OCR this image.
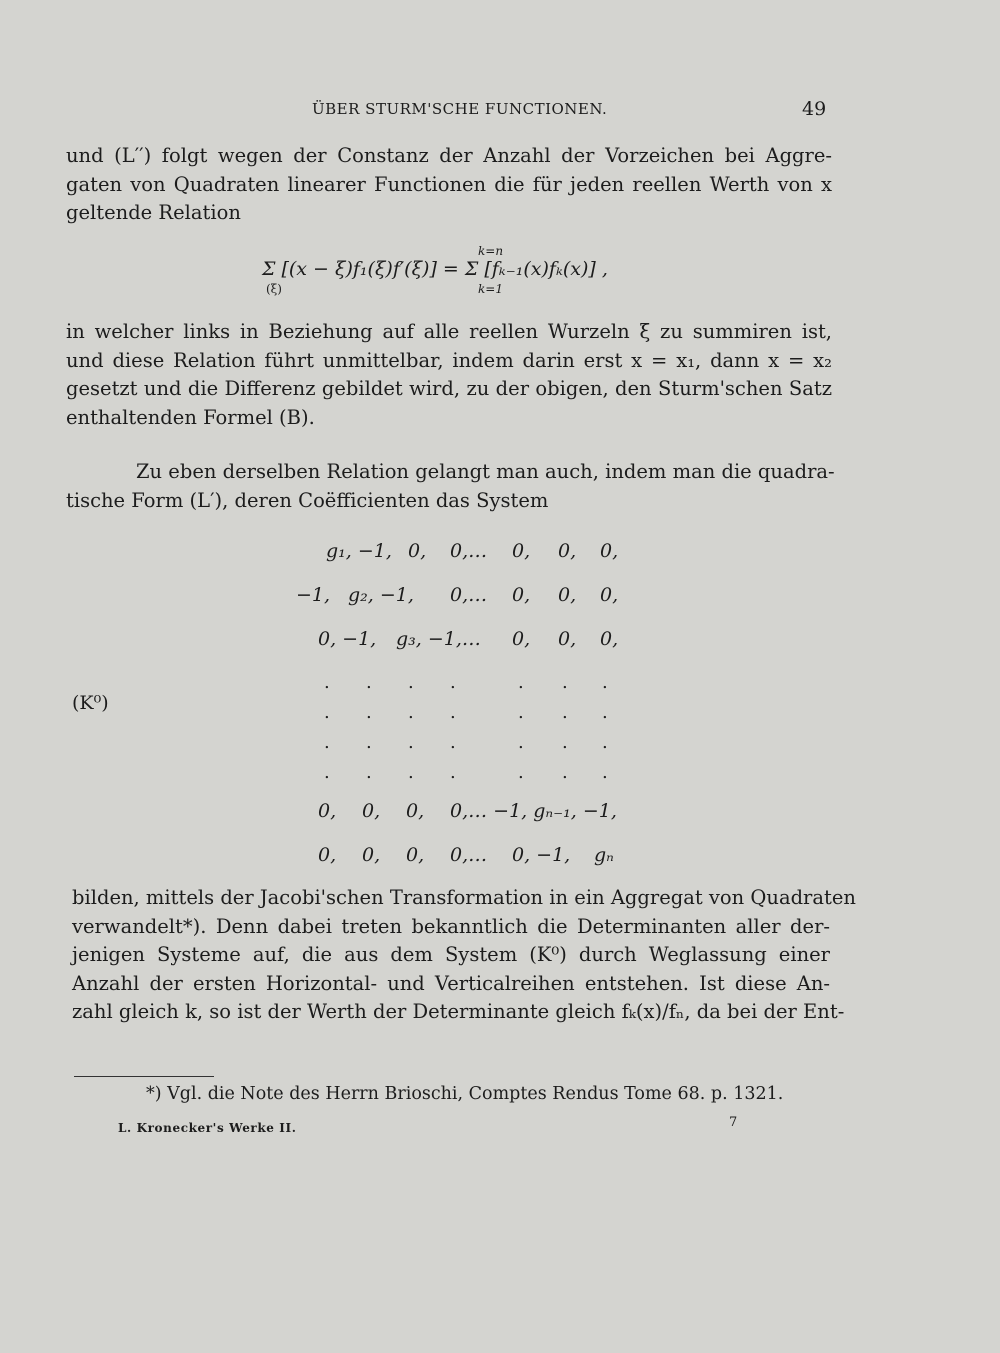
ÜBER STURM'SCHE FUNCTIONEN.	49
und (L′′) folgt wegen der Constanz der Anzahl der Vorzeichen bei Aggre-
gaten von Quadraten linearer Functionen die für jeden reellen Werth von x
geltende Relation
k=n
Σ [(x − ξ)f₁(ξ)f′(ξ)] = Σ [fₖ₋₁(x)fₖ(x)] ,
(ξ)	k=1
in welcher links in Beziehung auf alle reellen Wurzeln ξ zu summiren ist,
und diese Relation führt unmittelbar, indem darin erst x = x₁, dann x = x₂
gesetzt und die Differenz gebildet wird, zu der obigen, den Sturm'schen Satz
enthaltenden Formel (B).
Zu eben derselben Relation gelangt man auch, indem man die quadra-
tische Form (L′), deren Coëfficienten das System
(K⁰)
g₁, −1, 0, 0,… 0, 0, 0,
−1, g₂, −1, 0,… 0, 0, 0,
0, −1, g₃, −1,… 0, 0, 0,
. . . .	. . .
. . . .	. . .
. . . .	. . .
. . . .	. . .
0, 0, 0, 0,… −1, gₙ₋₁, −1,
0, 0, 0, 0,… 0, −1, gₙ
bilden, mittels der Jacobi'schen Transformation in ein Aggregat von Quadraten
verwandelt*). Denn dabei treten bekanntlich die Determinanten aller der-
jenigen Systeme auf, die aus dem System (K⁰) durch Weglassung einer
Anzahl der ersten Horizontal- und Verticalreihen entstehen. Ist diese An-
zahl gleich k, so ist der Werth der Determinante gleich fₖ(x)/fₙ, da bei der Ent-
*) Vgl. die Note des Herrn Brioschi, Comptes Rendus Tome 68. p. 1321.
L. Kronecker's Werke II.	7
